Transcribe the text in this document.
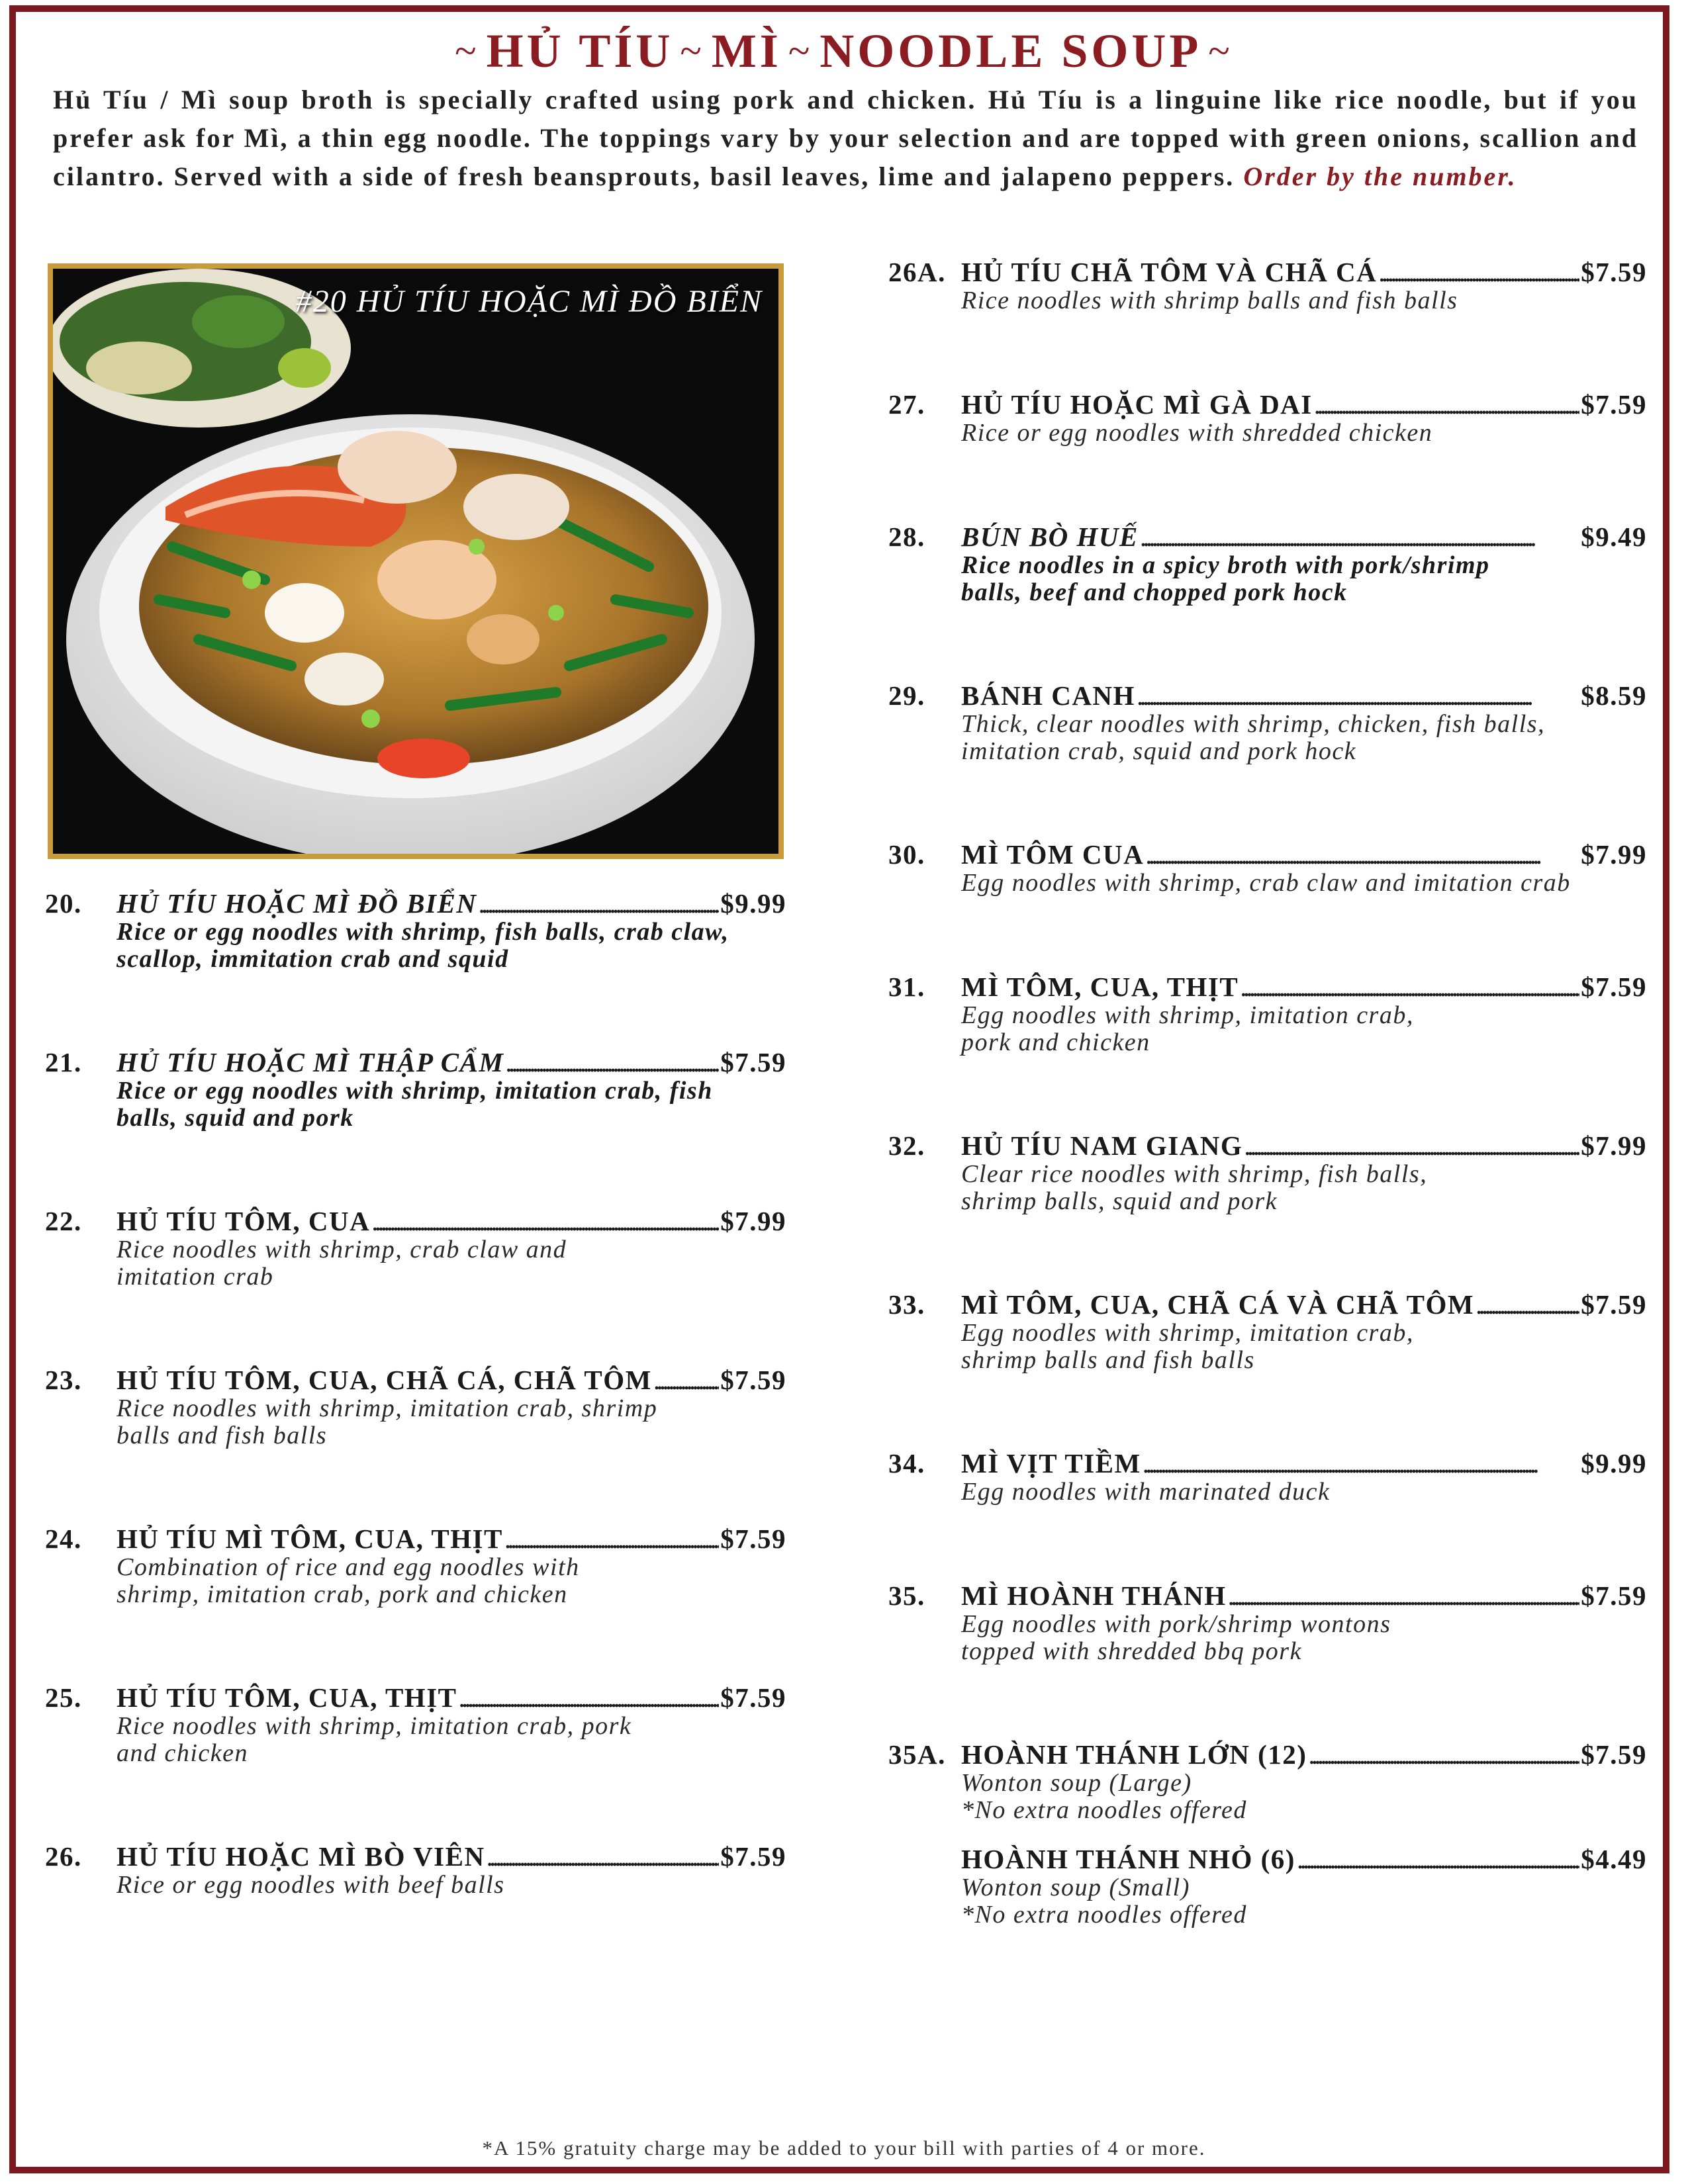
~ HỦ TÍU ~ MÌ ~ NOODLE SOUP ~
Hủ Tíu / Mì soup broth is specially crafted using pork and chicken. Hủ Tíu is a linguine like rice noodle, but if you prefer ask for Mì, a thin egg noodle. The toppings vary by your selection and are topped with green onions, scallion and cilantro. Served with a side of fresh beansprouts, basil leaves, lime and jalapeno peppers. Order by the number.
#20 HỦ TÍU HOẶC MÌ ĐỒ BIỂN
20.	HỦ TÍU HOẶC MÌ ĐỒ BIỂN . . .	$9.99
Rice or egg noodles with shrimp, fish balls, crab claw, scallop, immitation crab and squid
21.	HỦ TÍU HOẶC MÌ THẬP CẨM . . .	$7.59
Rice or egg noodles with shrimp, imitation crab, fish balls, squid and pork
22.	HỦ TÍU TÔM, CUA . . .	$7.99
Rice noodles with shrimp, crab claw and imitation crab
23.	HỦ TÍU TÔM, CUA, CHÃ CÁ, CHÃ TÔM . . .	$7.59
Rice noodles with shrimp, imitation crab, shrimp balls and fish balls
24.	HỦ TÍU MÌ TÔM, CUA, THỊT . . .	$7.59
Combination of rice and egg noodles with shrimp, imitation crab, pork and chicken
25.	HỦ TÍU TÔM, CUA, THỊT . . .	$7.59
Rice noodles with shrimp, imitation crab, pork and chicken
26.	HỦ TÍU HOẶC MÌ BÒ VIÊN . . .	$7.59
Rice or egg noodles with beef balls
26A. HỦ TÍU CHÃ TÔM VÀ CHÃ CÁ . . .	$7.59
Rice noodles with shrimp balls and fish balls
27.	HỦ TÍU HOẶC MÌ GÀ DAI . . .	$7.59
Rice or egg noodles with shredded chicken
28.	BÚN BÒ HUẾ . . .	$9.49
Rice noodles in a spicy broth with pork/shrimp balls, beef and chopped pork hock
29.	BÁNH CANH . . .	$8.59
Thick, clear noodles with shrimp, chicken, fish balls, imitation crab, squid and pork hock
30.	MÌ TÔM CUA . . .	$7.99
Egg noodles with shrimp, crab claw and imitation crab
31.	MÌ TÔM, CUA, THỊT . . .	$7.59
Egg noodles with shrimp, imitation crab, pork and chicken
32.	HỦ TÍU NAM GIANG . . .	$7.99
Clear rice noodles with shrimp, fish balls, shrimp balls, squid and pork
33.	MÌ TÔM, CUA, CHÃ CÁ VÀ CHÃ TÔM . . .	$7.59
Egg noodles with shrimp, imitation crab, shrimp balls and fish balls
34.	MÌ VỊT TIỀM . . .	$9.99
Egg noodles with marinated duck
35.	MÌ HOÀNH THÁNH . . .	$7.59
Egg noodles with pork/shrimp wontons topped with shredded bbq pork
35A. HOÀNH THÁNH LỚN (12) . . .	$7.59
Wonton soup (Large)
*No extra noodles offered
HOÀNH THÁNH NHỎ (6) . . .	$4.49
Wonton soup (Small)
*No extra noodles offered
*A 15% gratuity charge may be added to your bill with parties of 4 or more.
